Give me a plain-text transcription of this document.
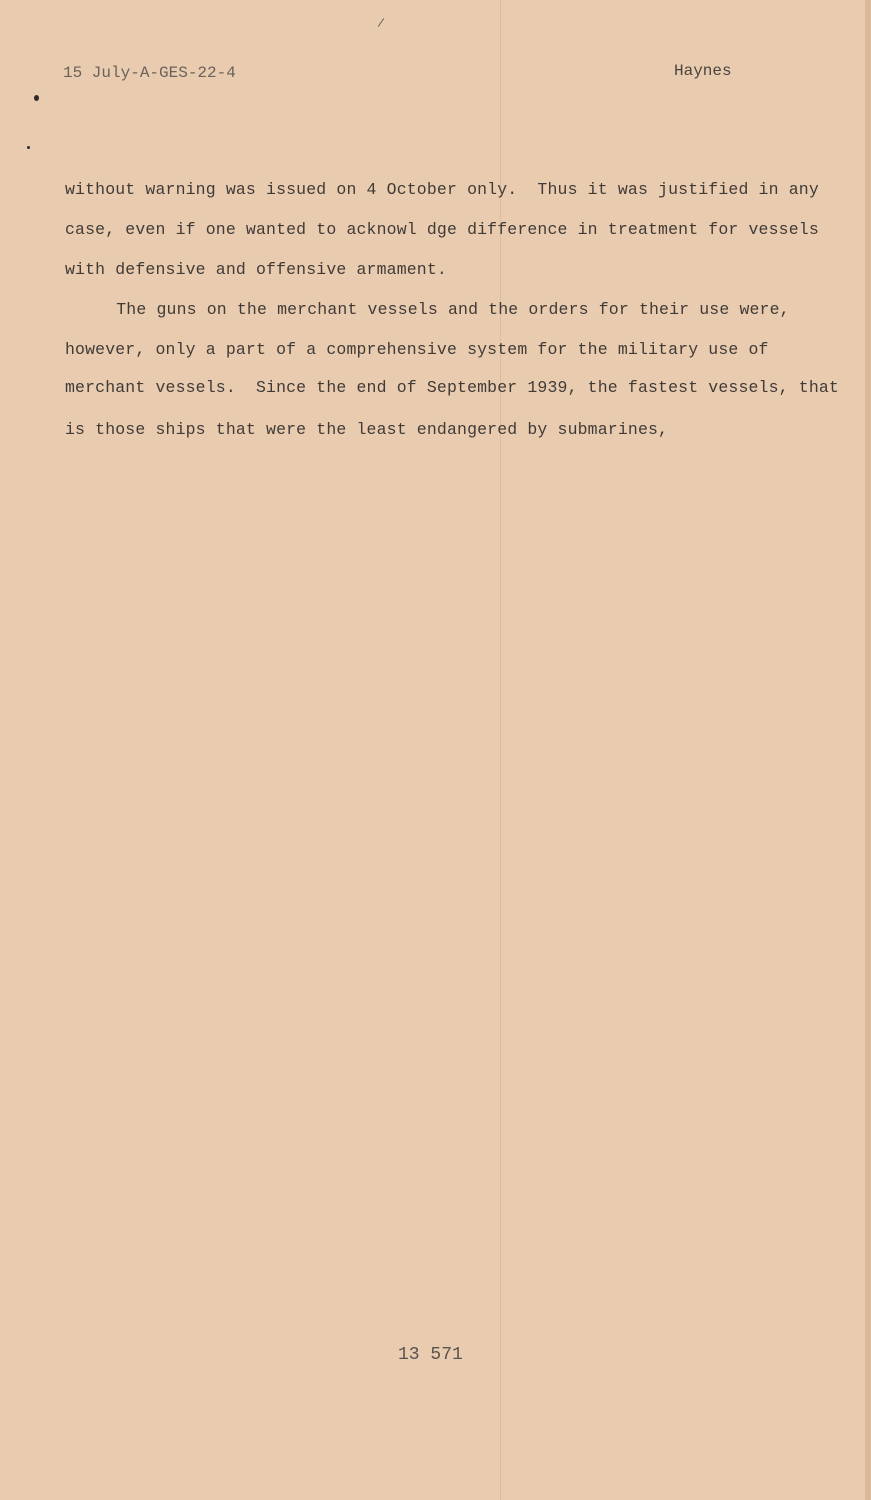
15 July-A-GES-22-4	Haynes
without warning was issued on 4 October only.  Thus it was justified in any
case, even if one wanted to acknowl dge difference in treatment for vessels
with defensive and offensive armament.
The guns on the merchant vessels and the orders for their use were,
however, only a part of a comprehensive system for the military use of
merchant vessels.  Since the end of September 1939, the fastest vessels, that
is those ships that were the least endangered by submarines,
13 571
